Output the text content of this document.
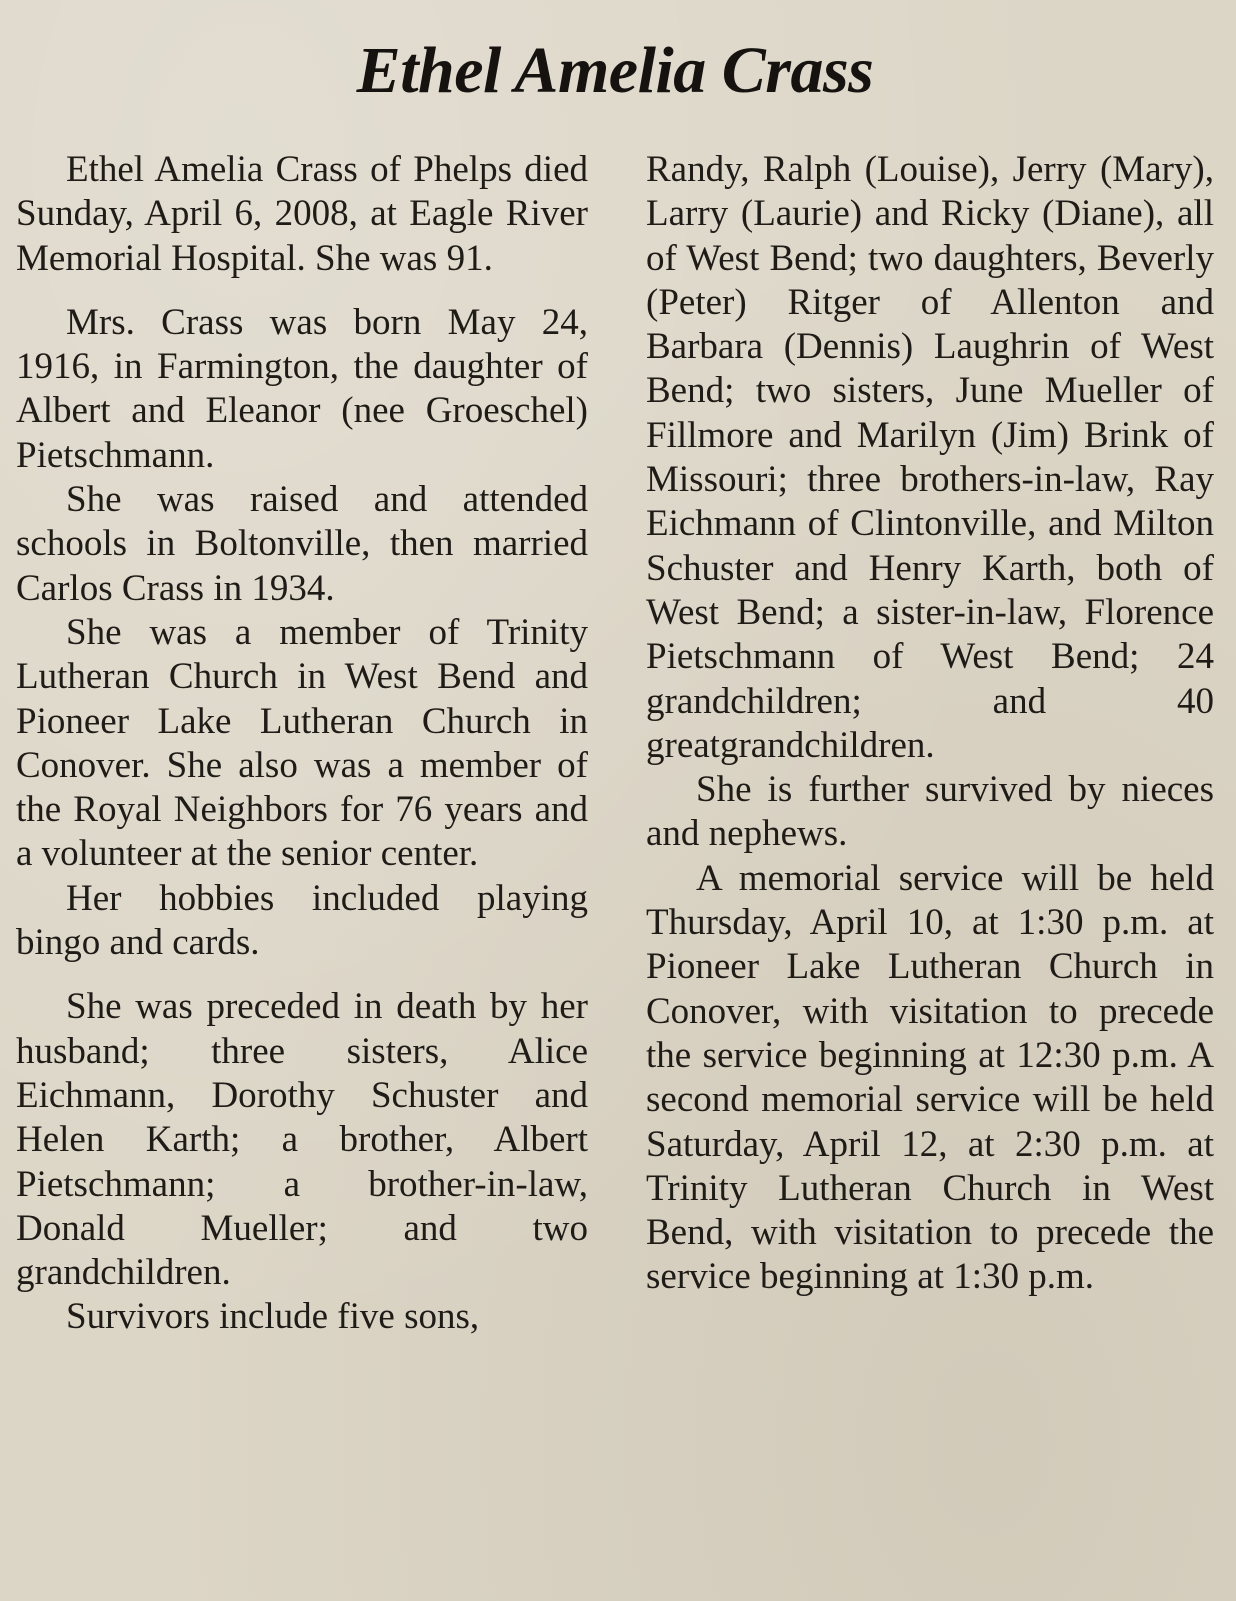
Ethel Amelia Crass

Ethel Amelia Crass of Phelps died Sunday, April 6, 2008, at Eagle River Memorial Hospital. She was 91.

Mrs. Crass was born May 24, 1916, in Farmington, the daughter of Albert and Eleanor (nee Groeschel) Pietschmann.

She was raised and attended schools in Boltonville, then married Carlos Crass in 1934.

She was a member of Trinity Lutheran Church in West Bend and Pioneer Lake Lutheran Church in Conover. She also was a member of the Royal Neighbors for 76 years and a volunteer at the senior center.

Her hobbies included playing bingo and cards.

She was preceded in death by her husband; three sisters, Alice Eichmann, Dorothy Schuster and Helen Karth; a brother, Albert Pietschmann; a brother-in-law, Donald Mueller; and two grandchildren.

Survivors include five sons,

Randy, Ralph (Louise), Jerry (Mary), Larry (Laurie) and Ricky (Diane), all of West Bend; two daughters, Beverly (Peter) Ritger of Allenton and Barbara (Dennis) Laughrin of West Bend; two sisters, June Mueller of Fillmore and Marilyn (Jim) Brink of Missouri; three brothers-in-law, Ray Eichmann of Clintonville, and Milton Schuster and Henry Karth, both of West Bend; a sister-in-law, Florence Pietschmann of West Bend; 24 grandchildren; and 40 greatgrandchildren.

She is further survived by nieces and nephews.

A memorial service will be held Thursday, April 10, at 1:30 p.m. at Pioneer Lake Lutheran Church in Conover, with visitation to precede the service beginning at 12:30 p.m. A second memorial service will be held Saturday, April 12, at 2:30 p.m. at Trinity Lutheran Church in West Bend, with visitation to precede the service beginning at 1:30 p.m.
